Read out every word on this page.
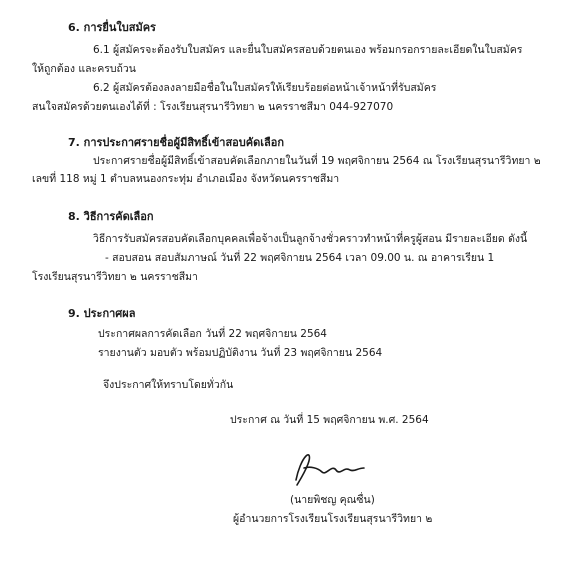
6. การยื่นใบสมัคร
6.1 ผู้สมัครจะต้องรับใบสมัคร และยื่นใบสมัครสอบด้วยตนเอง พร้อมกรอกรายละเอียดในใบสมัคร
ให้ถูกต้อง และครบถ้วน
6.2 ผู้สมัครต้องลงลายมือชื่อในใบสมัครให้เรียบร้อยต่อหน้าเจ้าหน้าที่รับสมัคร
สนใจสมัครด้วยตนเองได้ที่ : โรงเรียนสุรนารีวิทยา ๒ นครราชสีมา 044-927070
7. การประกาศรายชื่อผู้มีสิทธิ์เข้าสอบคัดเลือก
ประกาศรายชื่อผู้มีสิทธิ์เข้าสอบคัดเลือกภายในวันที่ 19 พฤศจิกายน 2564 ณ โรงเรียนสุรนารีวิทยา ๒
เลขที่ 118 หมู่ 1 ตำบลหนองกระทุ่ม อำเภอเมือง จังหวัดนครราชสีมา
8. วิธีการคัดเลือก
วิธีการรับสมัครสอบคัดเลือกบุคคลเพื่อจ้างเป็นลูกจ้างชั่วคราวทำหน้าที่ครูผู้สอน มีรายละเอียด ดังนี้
- สอบสอน สอบสัมภาษณ์ วันที่ 22 พฤศจิกายน 2564 เวลา 09.00 น. ณ อาคารเรียน 1
โรงเรียนสุรนารีวิทยา ๒ นครราชสีมา
9. ประกาศผล
ประกาศผลการคัดเลือก วันที่ 22 พฤศจิกายน 2564
รายงานตัว มอบตัว พร้อมปฏิบัติงาน วันที่ 23 พฤศจิกายน 2564
จึงประกาศให้ทราบโดยทั่วกัน
ประกาศ ณ วันที่ 15 พฤศจิกายน พ.ศ. 2564
(นายพิชญ คุณซื่น)
ผู้อำนวยการโรงเรียนโรงเรียนสุรนารีวิทยา ๒
